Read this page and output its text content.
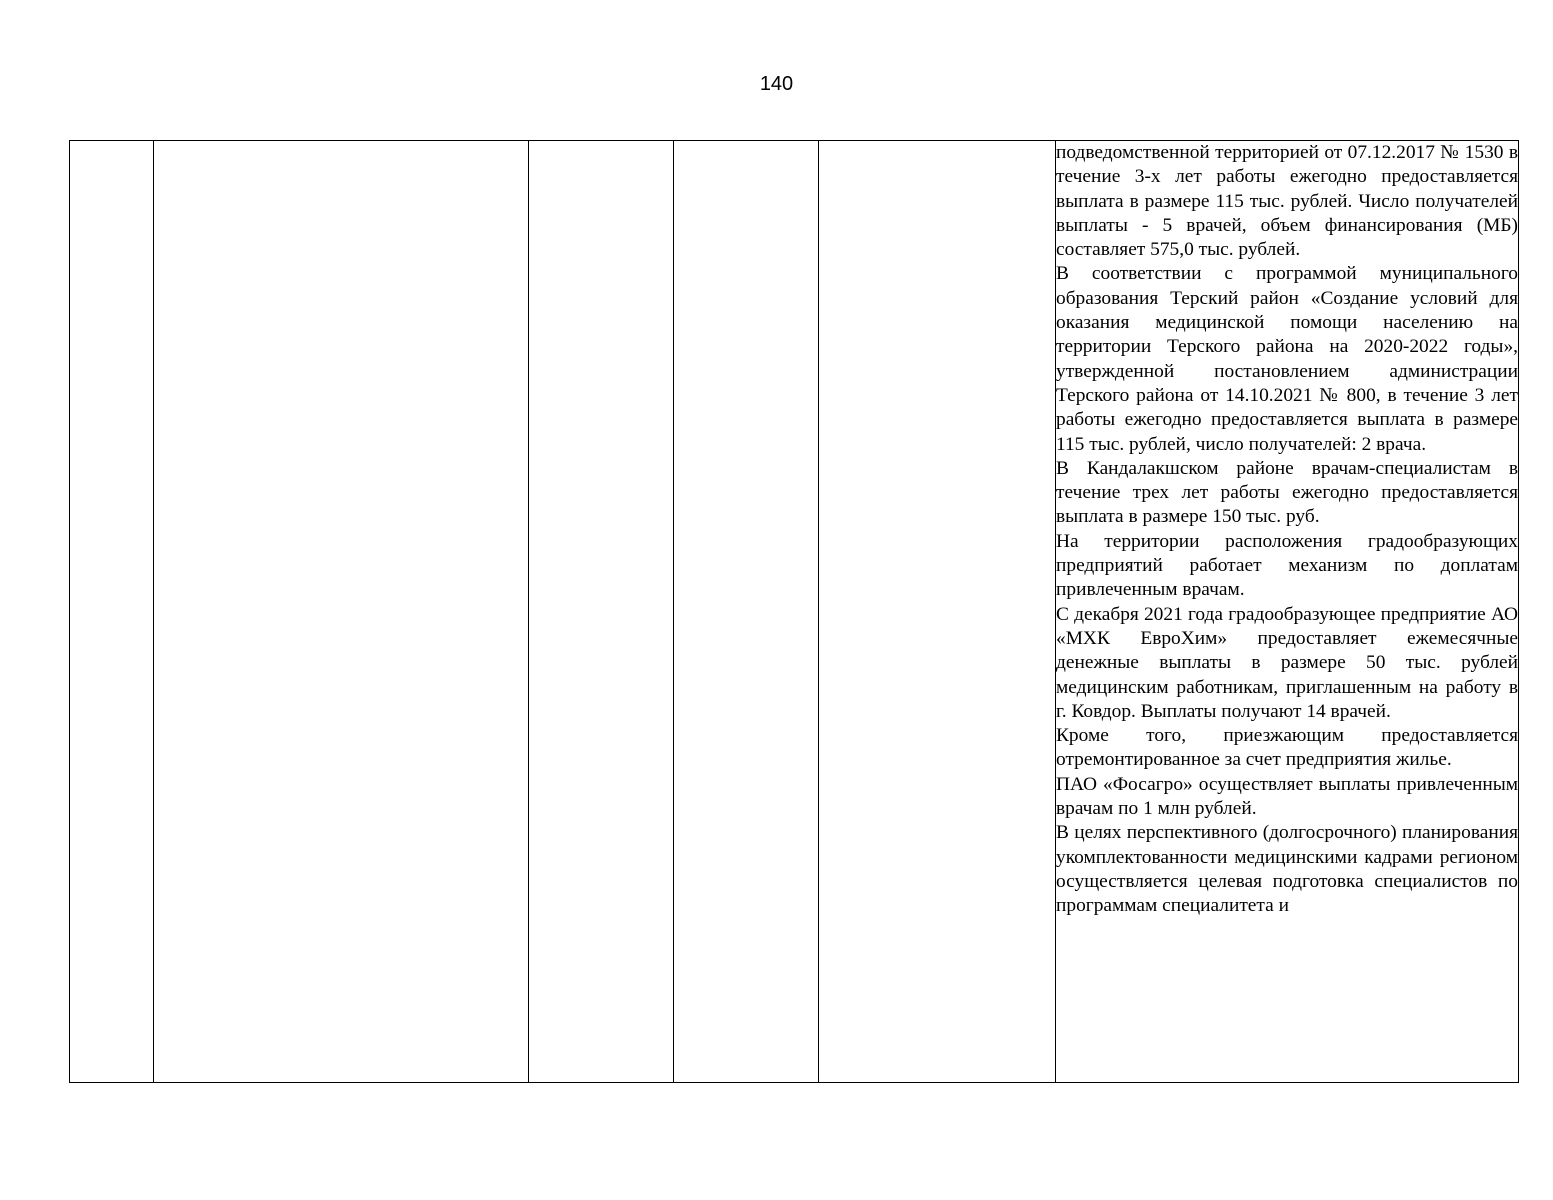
140

подведомственной территорией от 07.12.2017 № 1530 в течение 3-х лет работы ежегодно предоставляется выплата в размере 115 тыс. рублей. Число получателей выплаты - 5 врачей, объем финансирования (МБ) составляет 575,0 тыс. рублей.

В соответствии с программой муниципального образования Терский район «Создание условий для оказания медицинской помощи населению на территории Терского района на 2020-2022 годы», утвержденной постановлением администрации Терского района от 14.10.2021 № 800, в течение 3 лет работы ежегодно предоставляется выплата в размере 115 тыс. рублей, число получателей: 2 врача.

В Кандалакшском районе врачам-специалистам в течение трех лет работы ежегодно предоставляется выплата в размере 150 тыс. руб.

На территории расположения градообразующих предприятий работает механизм по доплатам привлеченным врачам.

С декабря 2021 года градообразующее предприятие АО «МХК ЕвроХим» предоставляет ежемесячные денежные выплаты в размере 50 тыс. рублей медицинским работникам, приглашенным на работу в г. Ковдор. Выплаты получают 14 врачей.

Кроме того, приезжающим предоставляется отремонтированное за счет предприятия жилье.

ПАО «Фосагро» осуществляет выплаты привлеченным врачам по 1 млн рублей.

В целях перспективного (долгосрочного) планирования укомплектованности медицинскими кадрами регионом осуществляется целевая подготовка специалистов по программам специалитета и
